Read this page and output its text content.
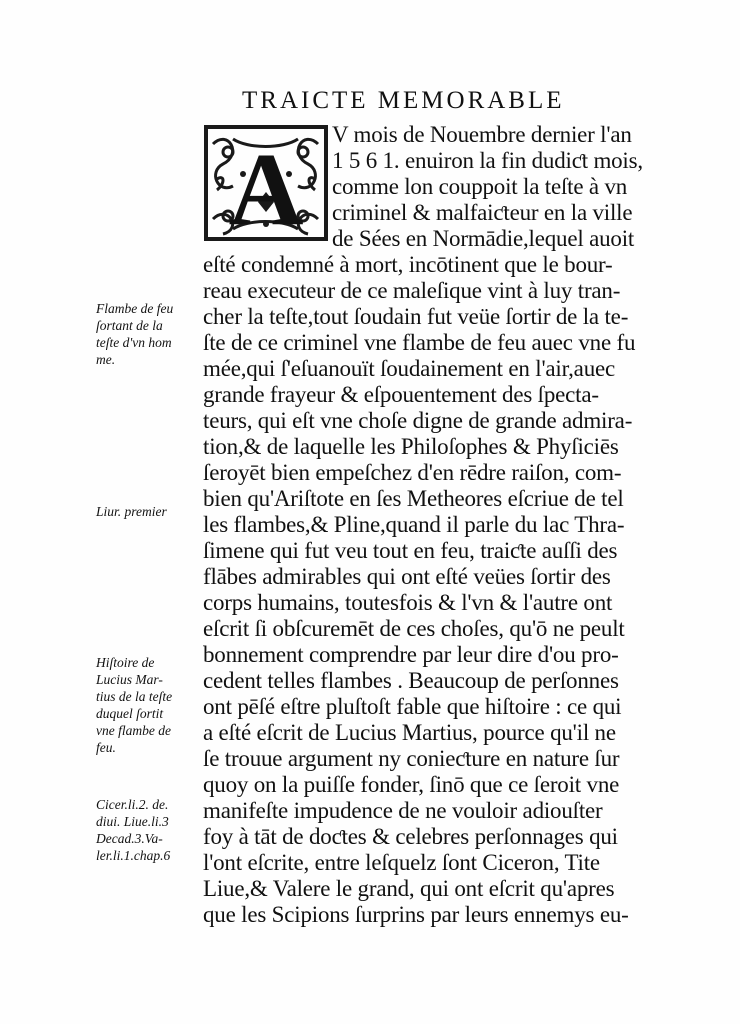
TRAICTE MEMORABLE
A V mois de Nouembre dernier l'an
1 5 6 1. enuiron la fin dudiƈt mois,
comme lon couppoit la teſte à vn
criminel & malfaiƈteur en la ville
de Sées en Normādie,lequel auoit
eſté condemné à mort, incōtinent que le bour-
reau executeur de ce maleſique vint à luy tran-
cher la teſte,tout ſoudain fut veüe ſortir de la te-
ſte de ce criminel vne flambe de feu auec vne fu
mée,qui ſ'eſuanouït ſoudainement en l'air,auec
grande frayeur & eſpouentement des ſpecta-
teurs, qui eſt vne choſe digne de grande admira-
tion,& de laquelle les Philoſophes & Phyſiciēs
ſeroyēt bien empeſchez d'en rēdre raiſon, com-
bien qu'Ariſtote en ſes Metheores eſcriue de tel
les flambes,& Pline,quand il parle du lac Thra-
ſimene qui fut veu tout en feu, traiƈte auſſi des
flābes admirables qui ont eſté veües ſortir des
corps humains, toutesfois & l'vn & l'autre ont
eſcrit ſi obſcuremēt de ces choſes, qu'ō ne peult
bonnement comprendre par leur dire d'ou pro-
cedent telles flambes . Beaucoup de perſonnes
ont pēſé eſtre pluſtoſt fable que hiſtoire : ce qui
a eſté eſcrit de Lucius Martius, pource qu'il ne
ſe trouue argument ny conieƈture en nature ſur
quoy on la puiſſe fonder, ſinō que ce ſeroit vne
manifeſte impudence de ne vouloir adiouſter
foy à tāt de doƈtes & celebres perſonnages qui
l'ont eſcrite, entre leſquelz ſont Ciceron, Tite
Liue,& Valere le grand, qui ont eſcrit qu'apres
que les Scipions ſurprins par leurs ennemys eu-
Flambe de feu
ſortant de la
teſte d'vn hom
me.
Liur. premier
Hiſtoire de
Lucius Mar-
tius de la teſte
duquel ſortit
vne flambe de
feu.
Cicer.li.2. de.
diui. Liue.li.3
Decad.3.Va-
ler.li.1.chap.6
